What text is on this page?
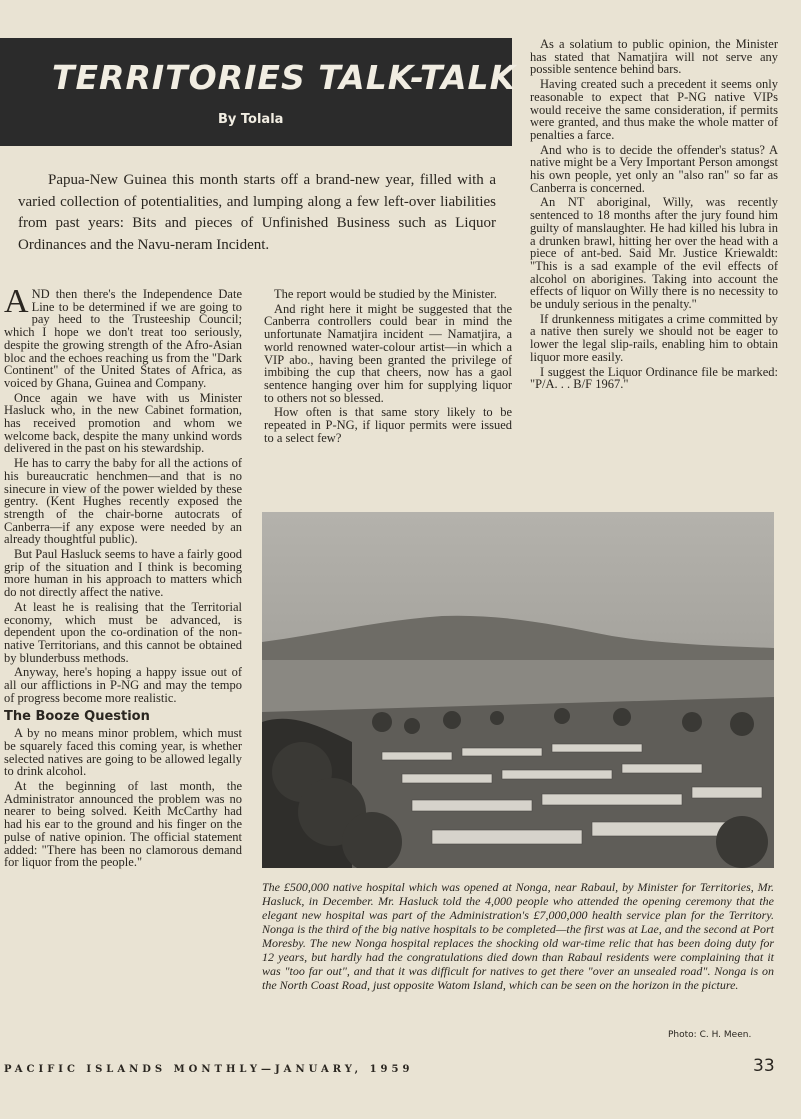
TERRITORIES TALK-TALK
By Tolala

Papua-New Guinea this month starts off a brand-new year, filled with a varied collection of potentialities, and lumping along a few left-over liabilities from past years: Bits and pieces of Unfinished Business such as Liquor Ordinances and the Navu-neram Incident.

AND then there's the Independence Date Line to be determined if we are going to pay heed to the Trusteeship Council; which I hope we don't treat too seriously, despite the growing strength of the Afro-Asian bloc and the echoes reaching us from the "Dark Continent" of the United States of Africa, as voiced by Ghana, Guinea and Company.

Once again we have with us Minister Hasluck who, in the new Cabinet formation, has received promotion and whom we welcome back, despite the many unkind words delivered in the past on his stewardship.

He has to carry the baby for all the actions of his bureaucratic henchmen—and that is no sinecure in view of the power wielded by these gentry. (Kent Hughes recently exposed the strength of the chair-borne autocrats of Canberra—if any expose were needed by an already thoughtful public).

But Paul Hasluck seems to have a fairly good grip of the situation and I think is becoming more human in his approach to matters which do not directly affect the native.

At least he is realising that the Territorial economy, which must be advanced, is dependent upon the co-ordination of the non-native Territorians, and this cannot be obtained by blunderbuss methods.

Anyway, here's hoping a happy issue out of all our afflictions in P-NG and may the tempo of progress become more realistic.

The Booze Question

A by no means minor problem, which must be squarely faced this coming year, is whether selected natives are going to be allowed legally to drink alcohol.

At the beginning of last month, the Administrator announced the problem was no nearer to being solved. Keith McCarthy had had his ear to the ground and his finger on the pulse of native opinion. The official statement added: "There has been no clamorous demand for liquor from the people."

The report would be studied by the Minister.

And right here it might be suggested that the Canberra controllers could bear in mind the unfortunate Namatjira incident — Namatjira, a world renowned water-colour artist—in which a VIP abo., having been granted the privilege of imbibing the cup that cheers, now has a gaol sentence hanging over him for supplying liquor to others not so blessed.

How often is that same story likely to be repeated in P-NG, if liquor permits were issued to a select few?

As a solatium to public opinion, the Minister has stated that Namatjira will not serve any possible sentence behind bars.

Having created such a precedent it seems only reasonable to expect that P-NG native VIPs would receive the same consideration, if permits were granted, and thus make the whole matter of penalties a farce.

And who is to decide the offender's status? A native might be a Very Important Person amongst his own people, yet only an "also ran" so far as Canberra is concerned.

An NT aboriginal, Willy, was recently sentenced to 18 months after the jury found him guilty of manslaughter. He had killed his lubra in a drunken brawl, hitting her over the head with a piece of ant-bed. Said Mr. Justice Kriewaldt: "This is a sad example of the evil effects of alcohol on aborigines. Taking into account the effects of liquor on Willy there is no necessity to be unduly serious in the penalty."

If drunkenness mitigates a crime committed by a native then surely we should not be eager to lower the legal slip-rails, enabling him to obtain liquor more easily.

I suggest the Liquor Ordinance file be marked: "P/A. . . B/F 1967."

The £500,000 native hospital which was opened at Nonga, near Rabaul, by Minister for Territories, Mr. Hasluck, in December. Mr. Hasluck told the 4,000 people who attended the opening ceremony that the elegant new hospital was part of the Administration's £7,000,000 health service plan for the Territory. Nonga is the third of the big native hospitals to be completed—the first was at Lae, and the second at Port Moresby. The new Nonga hospital replaces the shocking old war-time relic that has been doing duty for 12 years, but hardly had the congratulations died down than Rabaul residents were complaining that it was "too far out", and that it was difficult for natives to get there "over an unsealed road". Nonga is on the North Coast Road, just opposite Watom Island, which can be seen on the horizon in the picture.

Photo: C. H. Meen.
PACIFIC ISLANDS MONTHLY—JANUARY, 1959	33
